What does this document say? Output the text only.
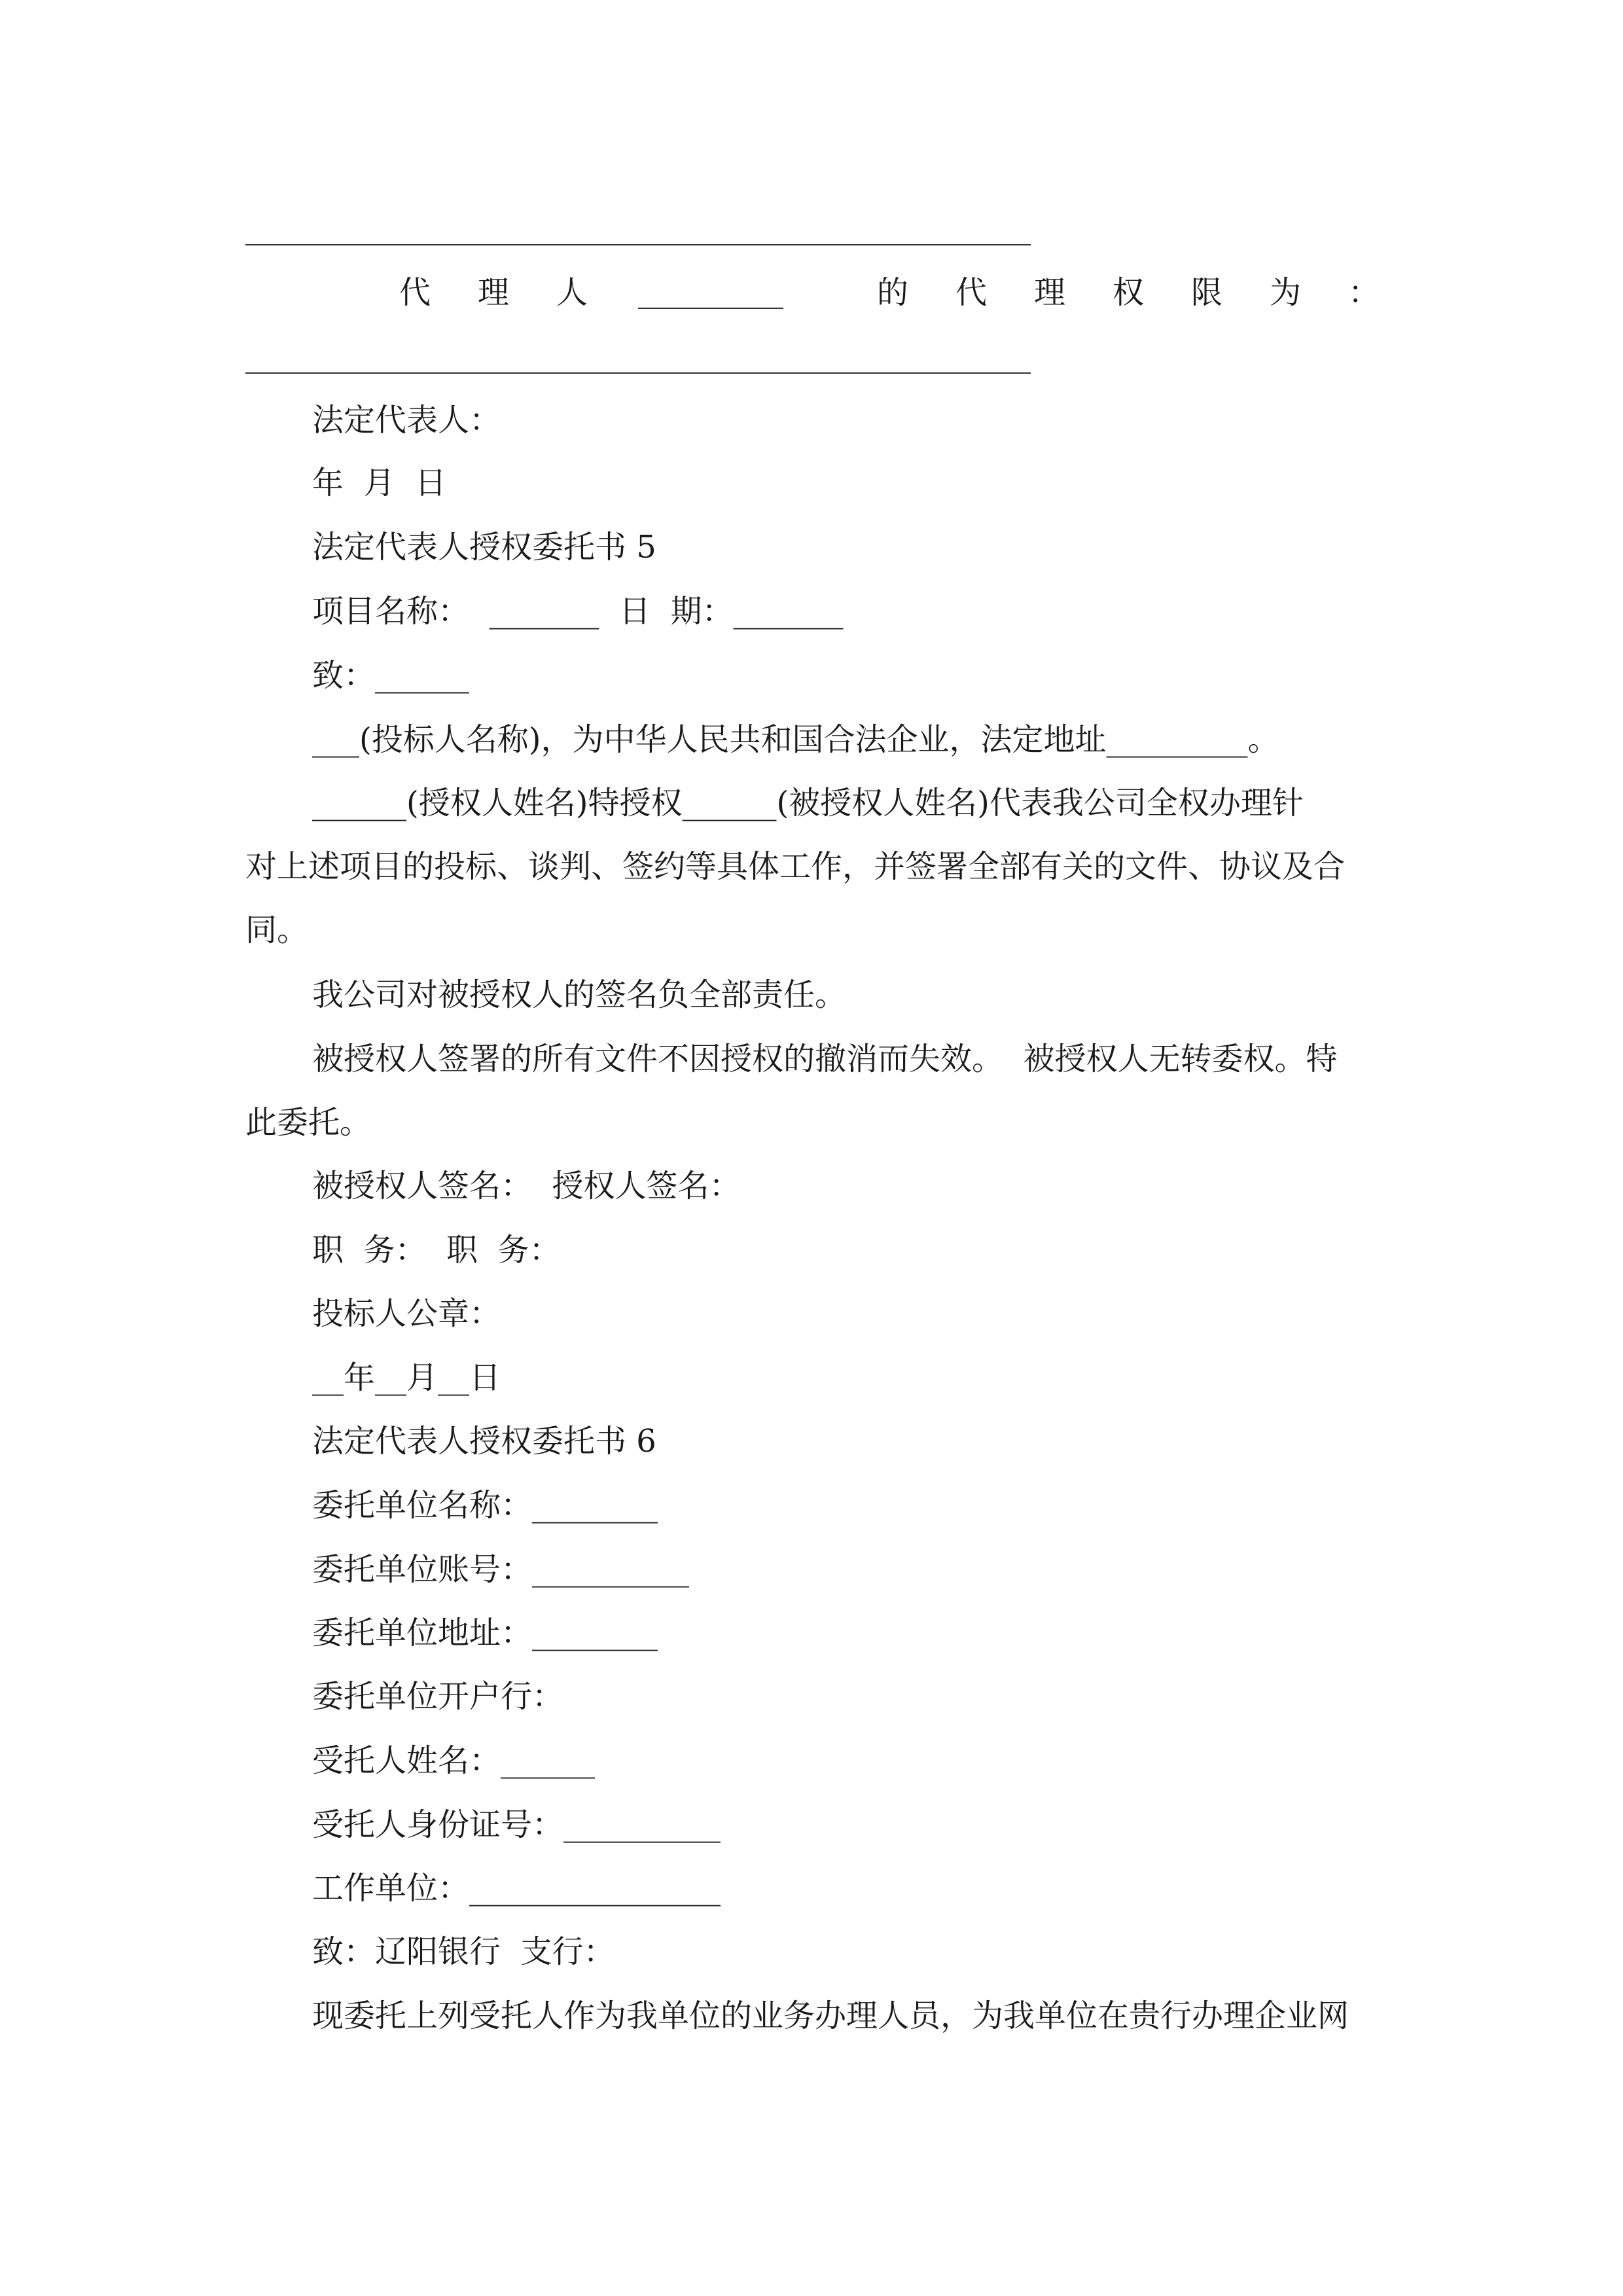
代 理 人	的 代 理 权 限 为 ：
法定代表人：
年  月  日
法定代表人授权委托书 5
项目名称：  _______  日  期：_______
致：______
___(投标人名称)，为中华人民共和国合法企业，法定地址_________。
______(授权人姓名)特授权______(被授权人姓名)代表我公司全权办理针
对上述项目的投标、谈判、签约等具体工作，并签署全部有关的文件、协议及合
同。
我公司对被授权人的签名负全部责任。
被授权人签署的所有文件不因授权的撤消而失效。  被授权人无转委权。特
此委托。
被授权人签名：  授权人签名：
职  务：  职  务：
投标人公章：
__年__月__日
法定代表人授权委托书 6
委托单位名称：________
委托单位账号：__________
委托单位地址：________
委托单位开户行：
受托人姓名：______
受托人身份证号：__________
工作单位：________________
致：辽阳银行  支行：
现委托上列受托人作为我单位的业务办理人员，为我单位在贵行办理企业网
